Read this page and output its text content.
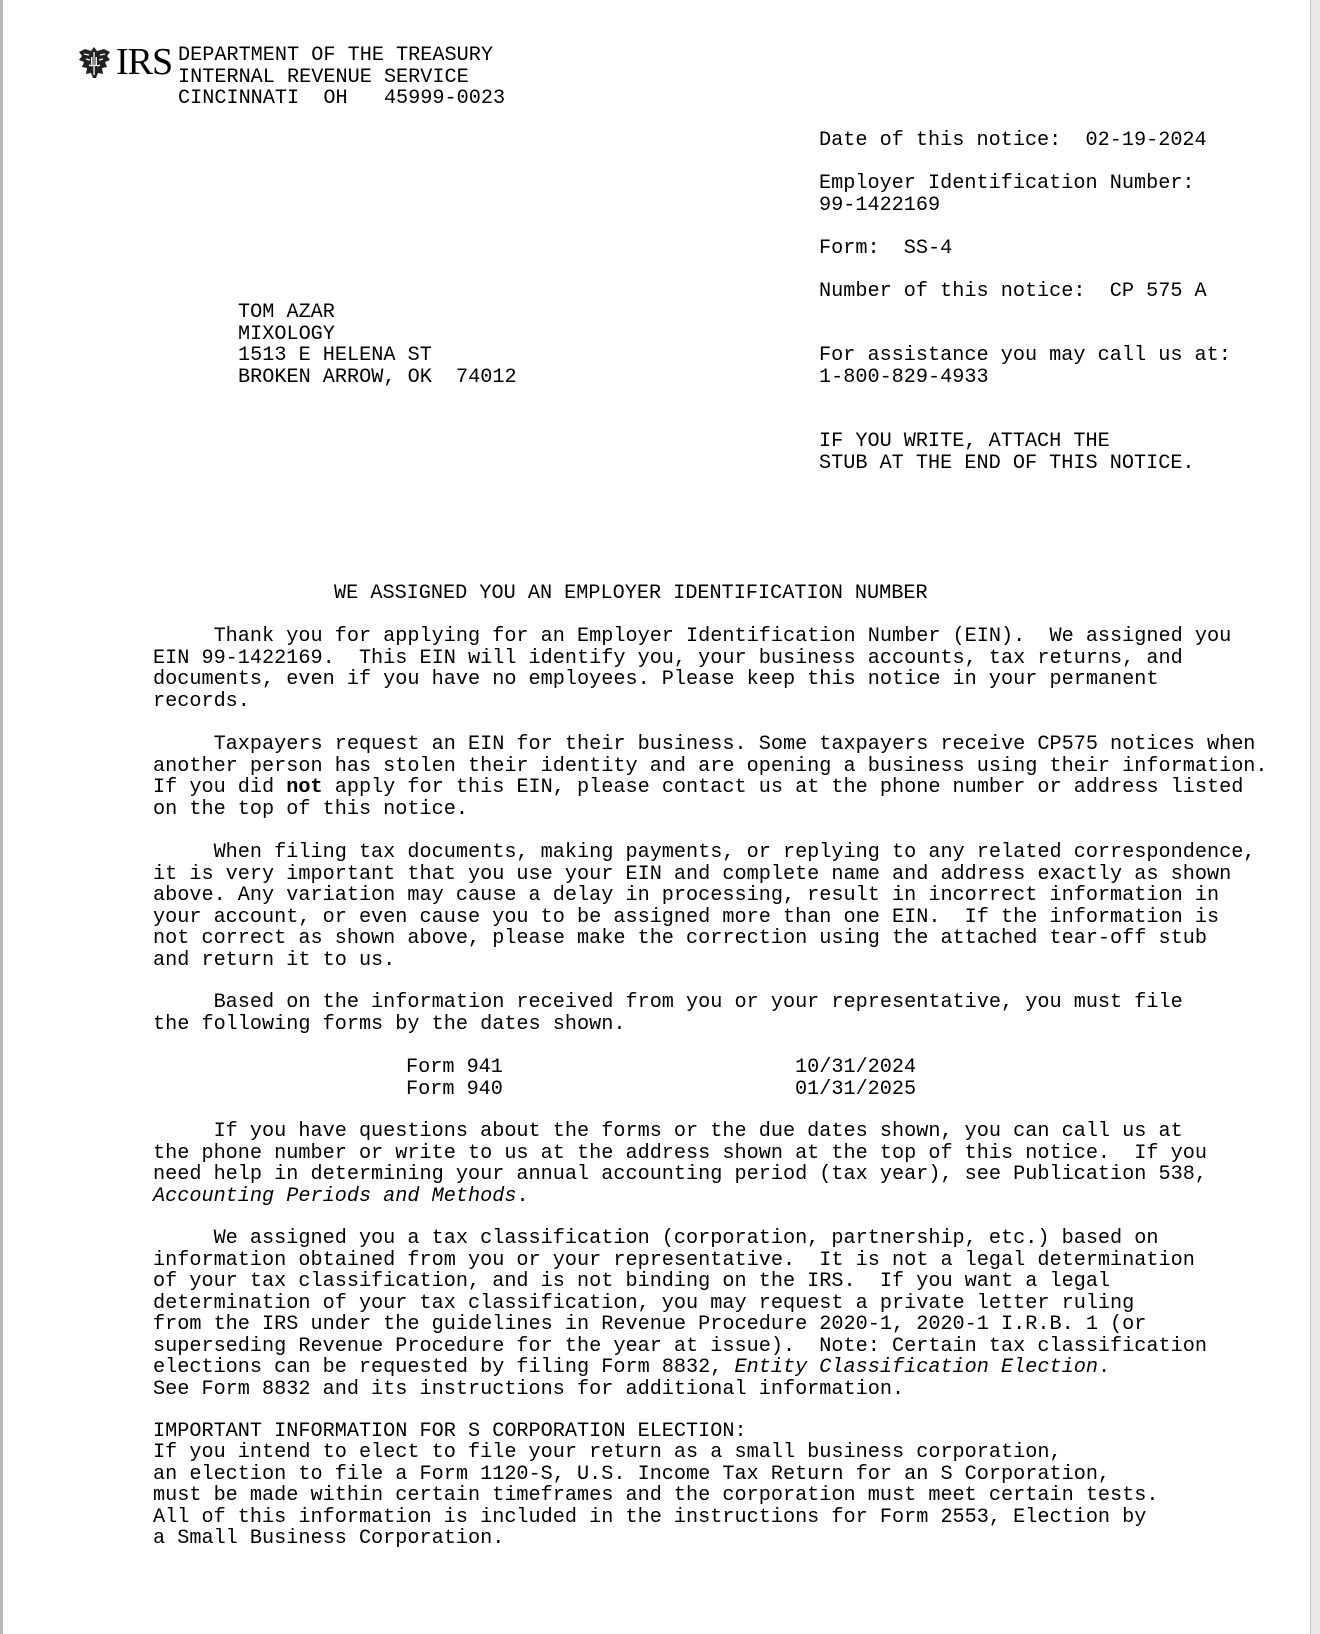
IRS DEPARTMENT OF THE TREASURY
INTERNAL REVENUE SERVICE
CINCINNATI  OH   45999-0023
Date of this notice:  02-19-2024
Employer Identification Number:
99-1422169
Form:  SS-4
Number of this notice:  CP 575 A
For assistance you may call us at:
1-800-829-4933
IF YOU WRITE, ATTACH THE
STUB AT THE END OF THIS NOTICE.
TOM AZAR
MIXOLOGY
1513 E HELENA ST
BROKEN ARROW, OK  74012
WE ASSIGNED YOU AN EMPLOYER IDENTIFICATION NUMBER
Thank you for applying for an Employer Identification Number (EIN).  We assigned you
EIN 99-1422169.  This EIN will identify you, your business accounts, tax returns, and
documents, even if you have no employees. Please keep this notice in your permanent
records.
Taxpayers request an EIN for their business. Some taxpayers receive CP575 notices when
another person has stolen their identity and are opening a business using their information.
If you did not apply for this EIN, please contact us at the phone number or address listed
on the top of this notice.
When filing tax documents, making payments, or replying to any related correspondence,
it is very important that you use your EIN and complete name and address exactly as shown
above. Any variation may cause a delay in processing, result in incorrect information in
your account, or even cause you to be assigned more than one EIN.  If the information is
not correct as shown above, please make the correction using the attached tear-off stub
and return it to us.
Based on the information received from you or your representative, you must file
the following forms by the dates shown.
Form 941	10/31/2024
Form 940	01/31/2025
If you have questions about the forms or the due dates shown, you can call us at
the phone number or write to us at the address shown at the top of this notice.  If you
need help in determining your annual accounting period (tax year), see Publication 538,
Accounting Periods and Methods.
We assigned you a tax classification (corporation, partnership, etc.) based on
information obtained from you or your representative.  It is not a legal determination
of your tax classification, and is not binding on the IRS.  If you want a legal
determination of your tax classification, you may request a private letter ruling
from the IRS under the guidelines in Revenue Procedure 2020-1, 2020-1 I.R.B. 1 (or
superseding Revenue Procedure for the year at issue).  Note: Certain tax classification
elections can be requested by filing Form 8832, Entity Classification Election.
See Form 8832 and its instructions for additional information.
IMPORTANT INFORMATION FOR S CORPORATION ELECTION:
If you intend to elect to file your return as a small business corporation,
an election to file a Form 1120-S, U.S. Income Tax Return for an S Corporation,
must be made within certain timeframes and the corporation must meet certain tests.
All of this information is included in the instructions for Form 2553, Election by
a Small Business Corporation.
